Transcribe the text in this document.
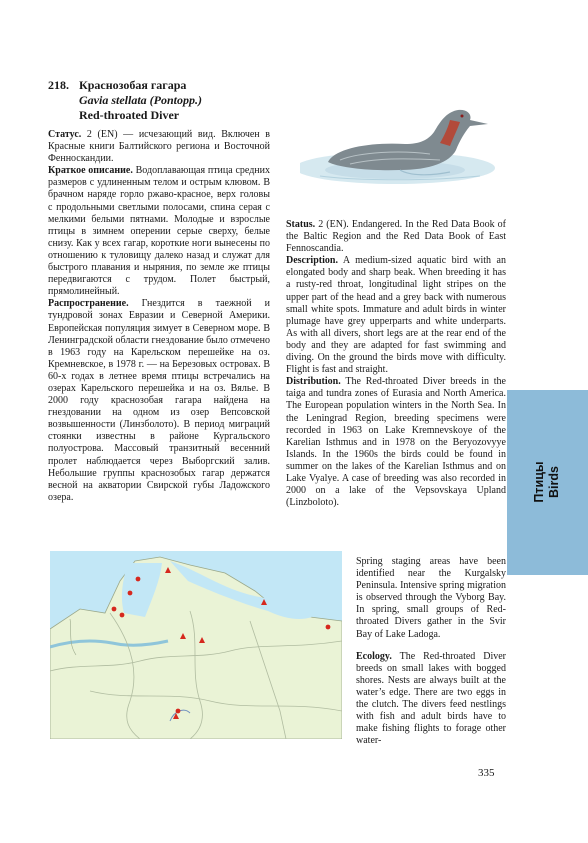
218. Краснозобая гагара
Gavia stellata (Pontopp.)
Red-throated Diver

Статус. 2 (EN) — исчезающий вид. Включен в Красные книги Балтийского региона и Восточной Фенноскандии.

Краткое описание. Водоплавающая птица средних размеров с удлиненным телом и острым клювом. В брачном наряде горло ржаво-красное, верх головы с продольными светлыми полосами, спина серая с мелкими белыми пятнами. Молодые и взрослые птицы в зимнем оперении серые сверху, белые снизу. Как у всех гагар, короткие ноги вынесены по отношению к туловищу далеко назад и служат для быстрого плавания и ныряния, по земле же птицы передвигаются с трудом. Полет быстрый, прямолинейный.

Распространение. Гнездится в таежной и тундровой зонах Евразии и Северной Америки. Европейская популяция зимует в Северном море. В Ленинградской области гнездование было отмечено в 1963 году на Карельском перешейке на оз. Кремневское, в 1978 г. — на Березовых островах. В 60-х годах в летнее время птицы встречались на озерах Карельского перешейка и на оз. Вялье. В 2000 году краснозобая гагара найдена на гнездовании на одном из озер Вепсовской возвышенности (Линзболото). В период миграций стоянки известны в районе Кургальского полуострова. Массовый транзитный весенний пролет наблюдается через Выборгский залив. Небольшие группы краснозобых гагар держатся весной на акватории Свирской губы Ладожского озера.

Status. 2 (EN). Endangered. In the Red Data Book of the Baltic Region and the Red Data Book of East Fennoscandia.

Description. A medium-sized aquatic bird with an elongated body and sharp beak. When breeding it has a rusty-red throat, longitudinal light stripes on the upper part of the head and a grey back with numerous small white spots. Immature and adult birds in winter plumage have grey upperparts and white underparts. As with all divers, short legs are at the rear end of the body and they are adapted for fast swimming and diving. On the ground the birds move with difficulty. Flight is fast and straight.

Distribution. The Red-throated Diver breeds in the taiga and tundra zones of Eurasia and North America. The European population winters in the North Sea. In the Leningrad Region, breeding specimens were recorded in 1963 on Lake Kremnevskoye of the Karelian Isthmus and in 1978 on the Beryozovyye Islands. In the 1960s the birds could be found in summer on the lakes of the Karelian Isthmus and on Lake Vyalye. A case of breeding was also recorded in 2000 on a lake of the Vepsovskaya Upland (Linzboloto).

Spring staging areas have been identified near the Kurgalsky Peninsula. Intensive spring migration is observed through the Vyborg Bay. In spring, small groups of Red-throated Divers gather in the Svir Bay of Lake Ladoga.

Ecology. The Red-throated Diver breeds on small lakes with bogged shores. Nests are always built at the water’s edge. There are two eggs in the clutch. The divers feed nestlings with fish and adult birds have to make fishing flights to forage other water-

Птицы Birds
335
